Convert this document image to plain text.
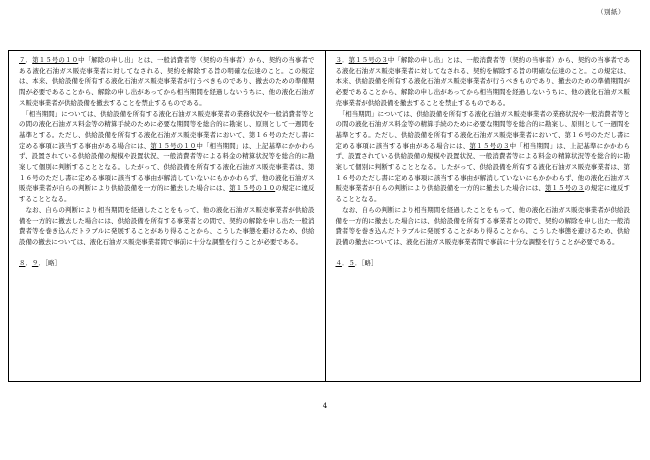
（別紙）

７．第１５号の１０中「解除の申し出」とは、一般消費者等（契約の当事者）から、契約の当事者である液化石油ガス販売事業者に対してなされる、契約を解除する旨の明確な伝達のこと。この規定は、本来、供給設備を所有する液化石油ガス販売事業者が行うべきものであり、撤去のための準備期間が必要であることから、解除の申し出があってから相当期間を経過しないうちに、他の液化石油ガス販売事業者が供給設備を撤去することを禁止するものである。

　「相当期間」については、供給設備を所有する液化石油ガス販売事業者の業務状況や一般消費者等との間の液化石油ガス料金等の精算手続のために必要な期間等を総合的に勘案し、原則として一週間を基準とする。ただし、供給設備を所有する液化石油ガス販売事業者において、第１６号のただし書に定める事項に該当する事由がある場合には、第１５号の１０中「相当期間」は、上記基準にかかわらず、設置されている供給設備の規模や設置状況、一般消費者等による料金の精算状況等を総合的に勘案して個別に判断することとなる。したがって、供給設備を所有する液化石油ガス販売事業者は、第１６号のただし書に定める事項に該当する事由が解消していないにもかかわらず、他の液化石油ガス販売事業者が自らの判断により供給設備を一方的に撤去した場合には、第１５号の１０の規定に違反することとなる。

　なお、自らの判断により相当期間を経過したことをもって、他の液化石油ガス販売事業者が供給設備を一方的に撤去した場合には、供給設備を所有する事業者との間で、契約の解除を申し出た一般消費者等を巻き込んだトラブルに発展することがあり得ることから、こうした事態を避けるため、供給設備の撤去については、液化石油ガス販売事業者間で事前に十分な調整を行うことが必要である。

８．９．［略］

３．第１５号の３中「解除の申し出」とは、一般消費者等（契約の当事者）から、契約の当事者である液化石油ガス販売事業者に対してなされる、契約を解除する旨の明確な伝達のこと。この規定は、本来、供給設備を所有する液化石油ガス販売事業者が行うべきものであり、撤去のための準備期間が必要であることから、解除の申し出があってから相当期間を経過しないうちに、他の液化石油ガス販売事業者が供給設備を撤去することを禁止するものである。

　「相当期間」については、供給設備を所有する液化石油ガス販売事業者の業務状況や一般消費者等との間の液化石油ガス料金等の精算手続のために必要な期間等を総合的に勘案し、原則として一週間を基準とする。ただし、供給設備を所有する液化石油ガス販売事業者において、第１６号のただし書に定める事項に該当する事由がある場合には、第１５号の３中「相当期間」は、上記基準にかかわらず、設置されている供給設備の規模や設置状況、一般消費者等による料金の精算状況等を総合的に勘案して個別に判断することとなる。したがって、供給設備を所有する液化石油ガス販売事業者は、第１６号のただし書に定める事項に該当する事由が解消していないにもかかわらず、他の液化石油ガス販売事業者が自らの判断により供給設備を一方的に撤去した場合には、第１５号の３の規定に違反することとなる。

　なお、自らの判断により相当期間を経過したことをもって、他の液化石油ガス販売事業者が供給設備を一方的に撤去した場合には、供給設備を所有する事業者との間で、契約の解除を申し出た一般消費者等を巻き込んだトラブルに発展することがあり得ることから、こうした事態を避けるため、供給設備の撤去については、液化石油ガス販売事業者間で事前に十分な調整を行うことが必要である。

４．５．［略］

4
